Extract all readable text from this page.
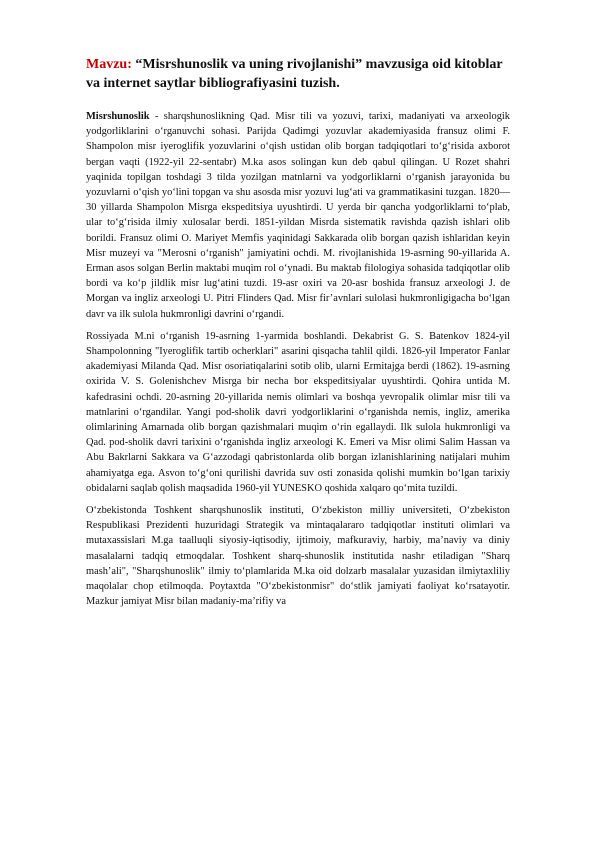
Mavzu: “Misrshunoslik va uning rivojlanishi” mavzusiga oid kitoblar va internet saytlar bibliografiyasini tuzish.

Misrshunoslik - sharqshunoslikning Qad. Misr tili va yozuvi, tarixi, madaniyati va arxeologik yodgorliklarini o‘rganuvchi sohasi. Parijda Qadimgi yozuvlar akademiyasida fransuz olimi F. Shampolon misr iyeroglifik yozuvlarini o‘qish ustidan olib borgan tadqiqotlari to‘g‘risida axborot bergan vaqti (1922-yil 22-sentabr) M.ka asos solingan kun deb qabul qilingan. U Rozet shahri yaqinida topilgan toshdagi 3 tilda yozilgan matnlarni va yodgorliklarni o‘rganish jarayonida bu yozuvlarni o‘qish yo‘lini topgan va shu asosda misr yozuvi lug‘ati va grammatikasini tuzgan. 1820—30 yillarda Shampolon Misrga ekspeditsiya uyushtirdi. U yerda bir qancha yodgorliklarni to‘plab, ular to‘g‘risida ilmiy xulosalar berdi. 1851-yildan Misrda sistematik ravishda qazish ishlari olib borildi. Fransuz olimi O. Mariyet Memfis yaqinidagi Sakkarada olib borgan qazish ishlaridan keyin Misr muzeyi va "Merosni o‘rganish" jamiyatini ochdi. M. rivojlanishida 19-asrning 90-yillarida A. Erman asos solgan Berlin maktabi muqim rol o‘ynadi. Bu maktab filologiya sohasida tadqiqotlar olib bordi va ko‘p jildlik misr lug‘atini tuzdi. 19-asr oxiri va 20-asr boshida fransuz arxeologi J. de Morgan va ingliz arxeologi U. Pitri Flinders Qad. Misr fir’avnlari sulolasi hukmronligigacha bo‘lgan davr va ilk sulola hukmronligi davrini o‘rgandi.

Rossiyada M.ni o‘rganish 19-asrning 1-yarmida boshlandi. Dekabrist G. S. Batenkov 1824-yil Shampolonning "Iyeroglifik tartib ocherklari" asarini qisqacha tahlil qildi. 1826-yil Imperator Fanlar akademiyasi Milanda Qad. Misr osoriatiqalarini sotib olib, ularni Ermitajga berdi (1862). 19-asrning oxirida V. S. Golenishchev Misrga bir necha bor ekspeditsiyalar uyushtirdi. Qohira untida M. kafedrasini ochdi. 20-asrning 20-yillarida nemis olimlari va boshqa yevropalik olimlar misr tili va matnlarini o‘rgandilar. Yangi pod-sholik davri yodgorliklarini o‘rganishda nemis, ingliz, amerika olimlarining Amarnada olib borgan qazishmalari muqim o‘rin egallaydi. Ilk sulola hukmronligi va Qad. pod-sholik davri tarixini o‘rganishda ingliz arxeologi K. Emeri va Misr olimi Salim Hassan va Abu Bakrlarni Sakkara va G‘azzodagi qabristonlarda olib borgan izlanishlarining natijalari muhim ahamiyatga ega. Asvon to‘g‘oni qurilishi davrida suv osti zonasida qolishi mumkin bo‘lgan tarixiy obidalarni saqlab qolish maqsadida 1960-yil YUNESKO qoshida xalqaro qo‘mita tuzildi.

O‘zbekistonda Toshkent sharqshunoslik instituti, O‘zbekiston milliy universiteti, O‘zbekiston Respublikasi Prezidenti huzuridagi Strategik va mintaqalararo tadqiqotlar instituti olimlari va mutaxassislari M.ga taalluqli siyosiy-iqtisodiy, ijtimoiy, mafkuraviy, harbiy, ma’naviy va diniy masalalarni tadqiq etmoqdalar. Toshkent sharq-shunoslik institutida nashr etiladigan "Sharq mash’ali", "Sharqshunoslik" ilmiy to‘plamlarida M.ka oid dolzarb masalalar yuzasidan ilmiytaxliliy maqolalar chop etilmoqda. Poytaxtda "O‘zbekistonmisr" do‘stlik jamiyati faoliyat ko‘rsatayotir. Mazkur jamiyat Misr bilan madaniy-ma’rifiy va
